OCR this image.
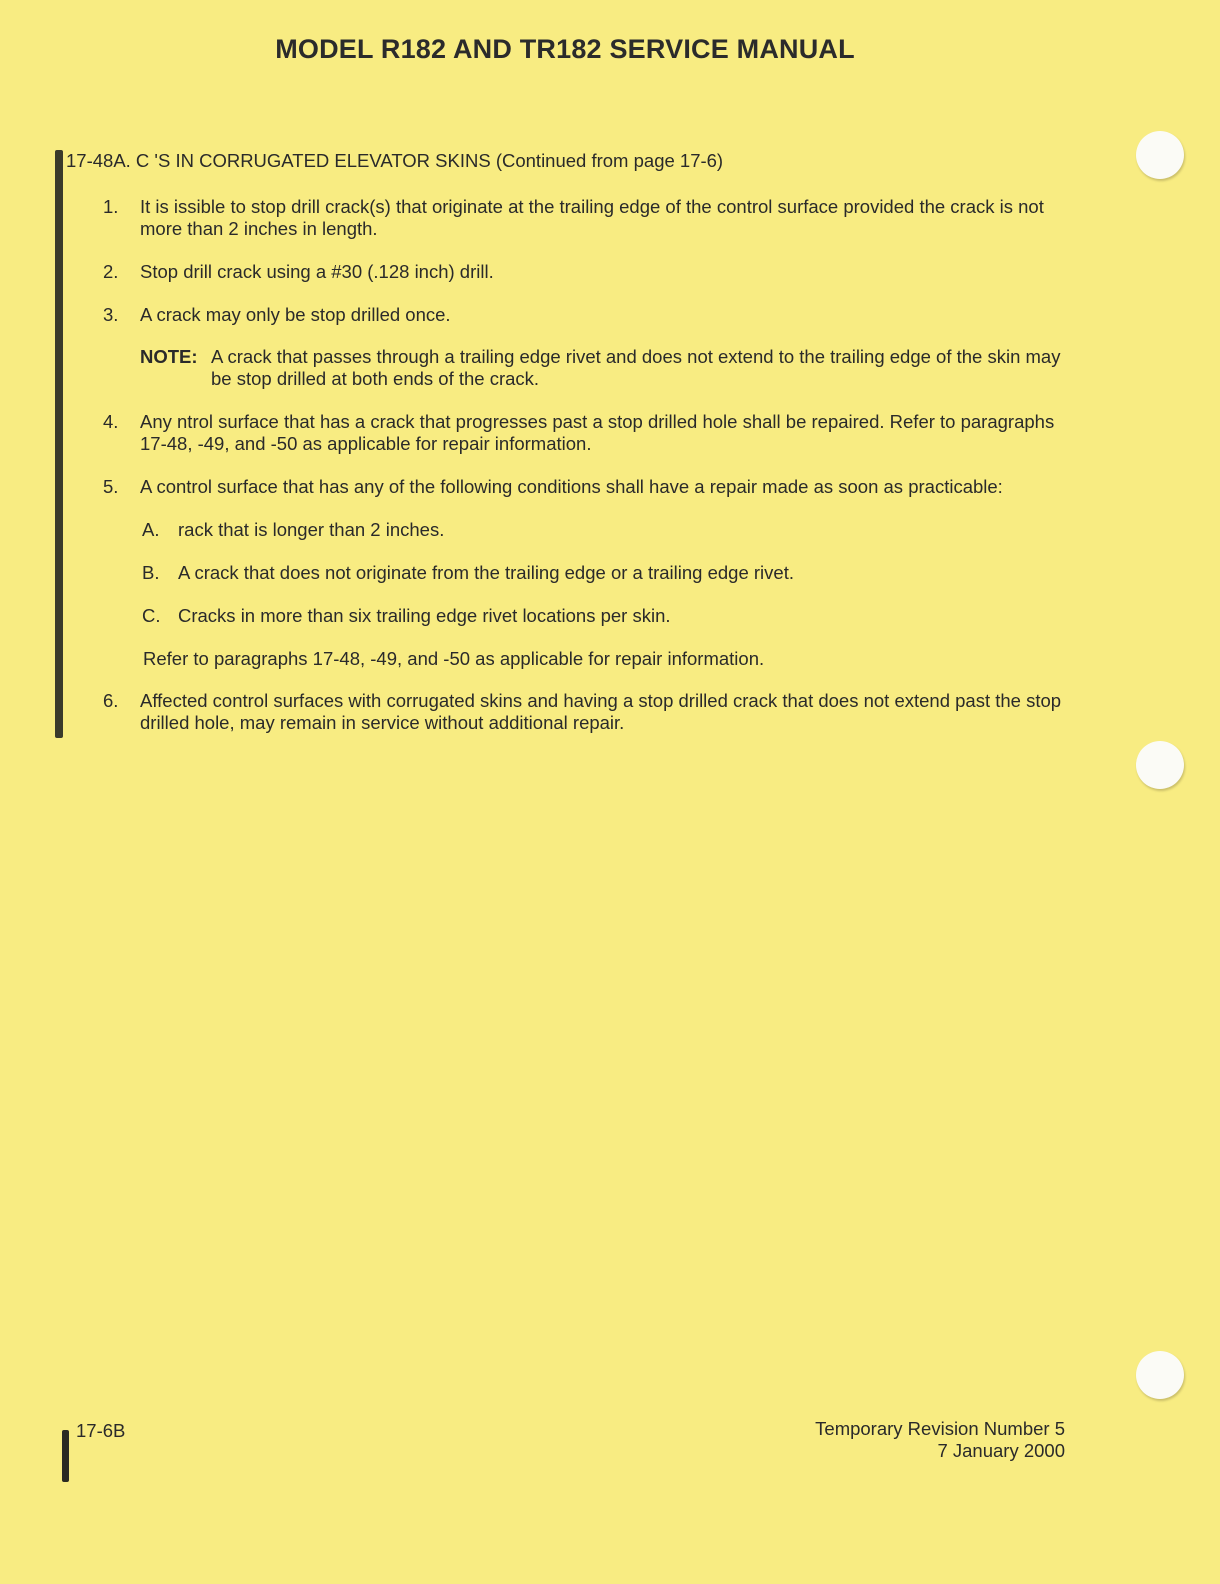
MODEL R182 AND TR182 SERVICE MANUAL
17-48A. C 'S IN CORRUGATED ELEVATOR SKINS (Continued from page 17-6)
1. It is issible to stop drill crack(s) that originate at the trailing edge of the control surface provided the crack is not more than 2 inches in length.
2. Stop drill crack using a #30 (.128 inch) drill.
3. A crack may only be stop drilled once.
NOTE: A crack that passes through a trailing edge rivet and does not extend to the trailing edge of the skin may be stop drilled at both ends of the crack.
4. Any ntrol surface that has a crack that progresses past a stop drilled hole shall be repaired. Refer to paragraphs 17-48, -49, and -50 as applicable for repair information.
5. A control surface that has any of the following conditions shall have a repair made as soon as practicable:
A. rack that is longer than 2 inches.
B. A crack that does not originate from the trailing edge or a trailing edge rivet.
C. Cracks in more than six trailing edge rivet locations per skin.
Refer to paragraphs 17-48, -49, and -50 as applicable for repair information.
6. Affected control surfaces with corrugated skins and having a stop drilled crack that does not extend past the stop drilled hole, may remain in service without additional repair.
17-6B	Temporary Revision Number 5
7 January 2000
